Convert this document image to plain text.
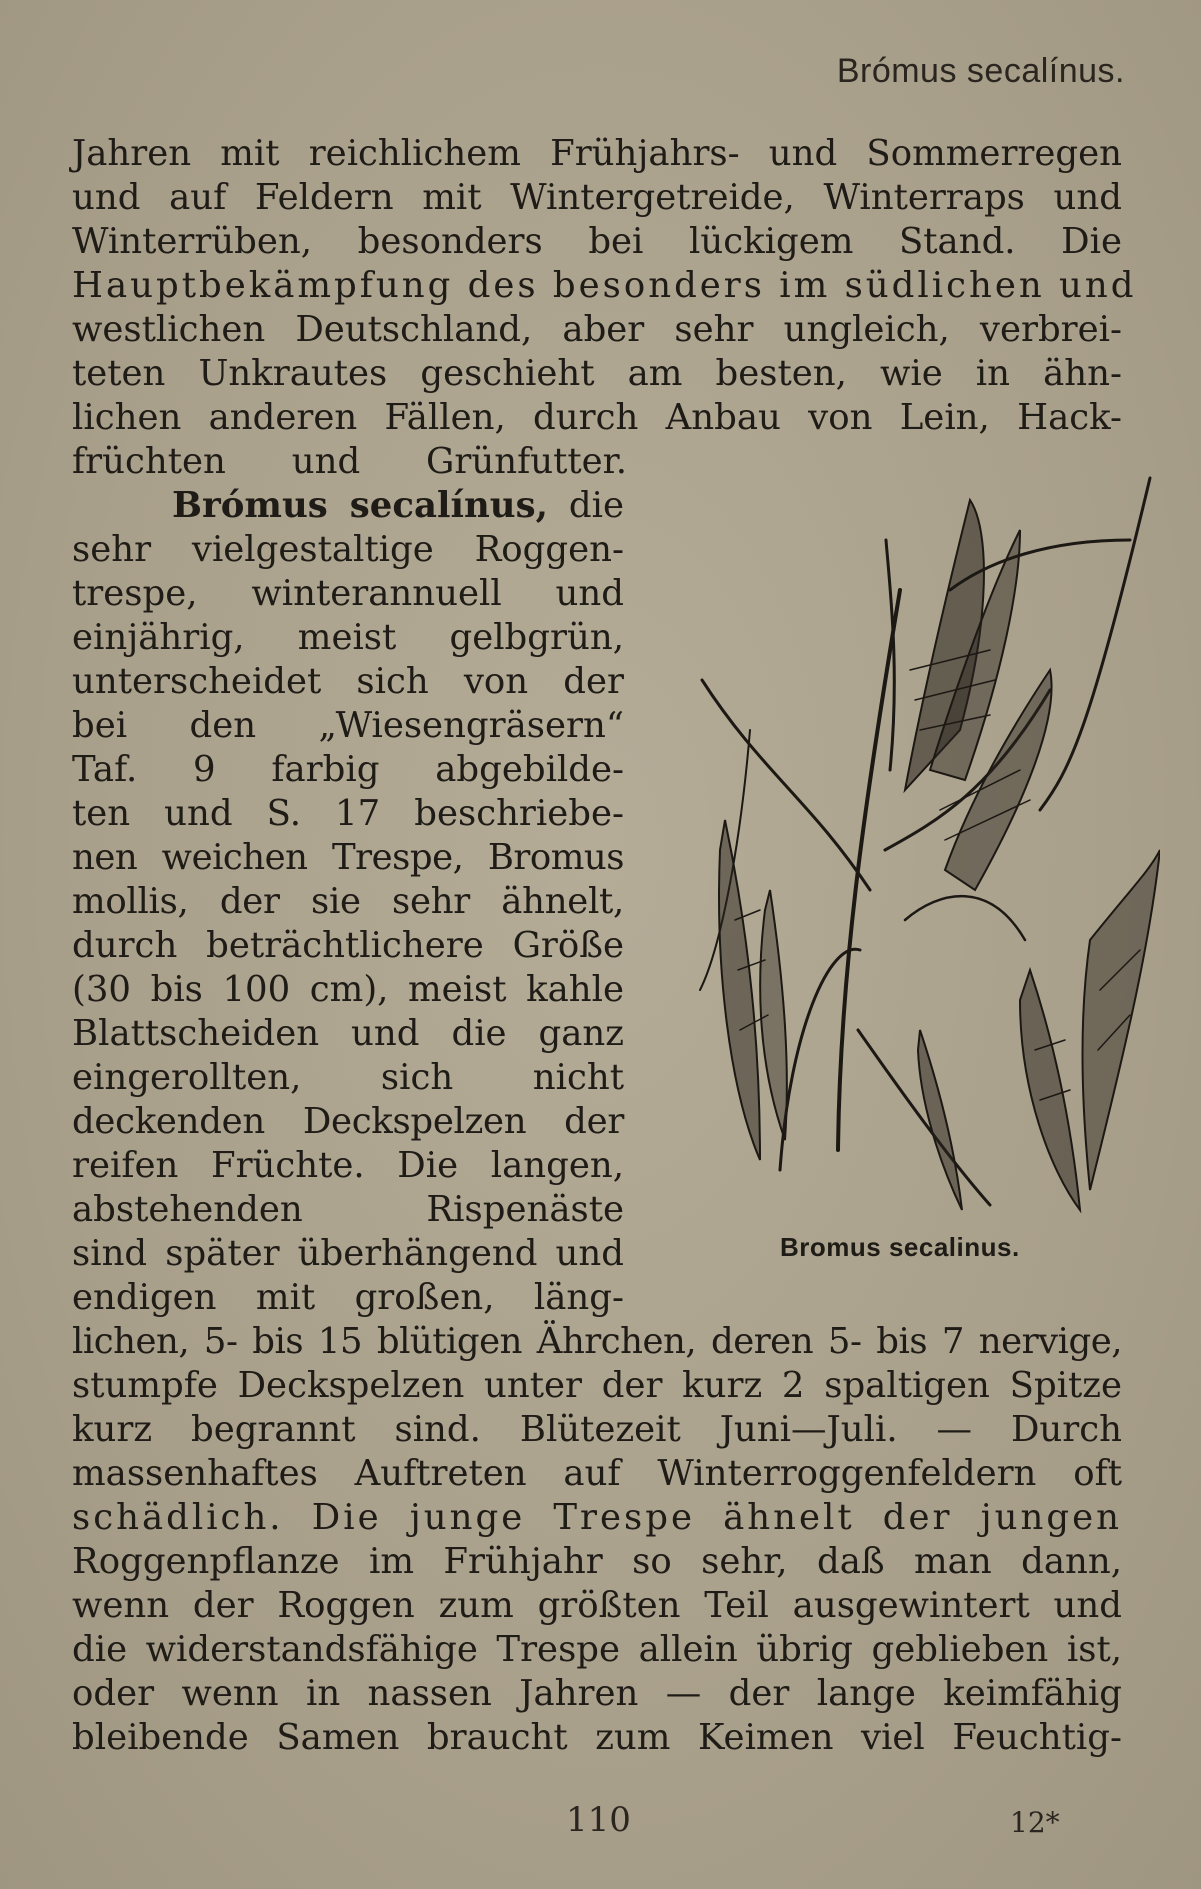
Brómus secalínus.
Jahren mit reichlichem Frühjahrs- und Sommerregen
und auf Feldern mit Wintergetreide, Winterraps und
Winterrüben, besonders bei lückigem Stand. Die
Hauptbekämpfung des besonders im südlichen und
westlichen Deutschland, aber sehr ungleich, verbrei-
teten Unkrautes geschieht am besten, wie in ähn-
lichen anderen Fällen, durch Anbau von Lein, Hack-
früchten und Grünfutter.
Brómus secalínus, die
sehr vielgestaltige Roggen-
trespe, winterannuell und
einjährig, meist gelbgrün,
unterscheidet sich von der
bei den „Wiesengräsern“
Taf. 9 farbig abgebilde-
ten und S. 17 beschriebe-
nen weichen Trespe, Bromus
mollis, der sie sehr ähnelt,
durch beträchtlichere Größe
(30 bis 100 cm), meist kahle
Blattscheiden und die ganz
eingerollten, sich nicht
deckenden Deckspelzen der
reifen Früchte. Die langen,
abstehenden Rispenäste
sind später überhängend und
endigen mit großen, läng-
Bromus secalinus.
lichen, 5- bis 15 blütigen Ährchen, deren 5- bis 7 nervige,
stumpfe Deckspelzen unter der kurz 2 spaltigen Spitze
kurz begrannt sind. Blütezeit Juni—Juli. — Durch
massenhaftes Auftreten auf Winterroggenfeldern oft
schädlich. Die junge Trespe ähnelt der jungen
Roggenpflanze im Frühjahr so sehr, daß man dann,
wenn der Roggen zum größten Teil ausgewintert und
die widerstandsfähige Trespe allein übrig geblieben ist,
oder wenn in nassen Jahren — der lange keimfähig
bleibende Samen braucht zum Keimen viel Feuchtig-
110	12*
